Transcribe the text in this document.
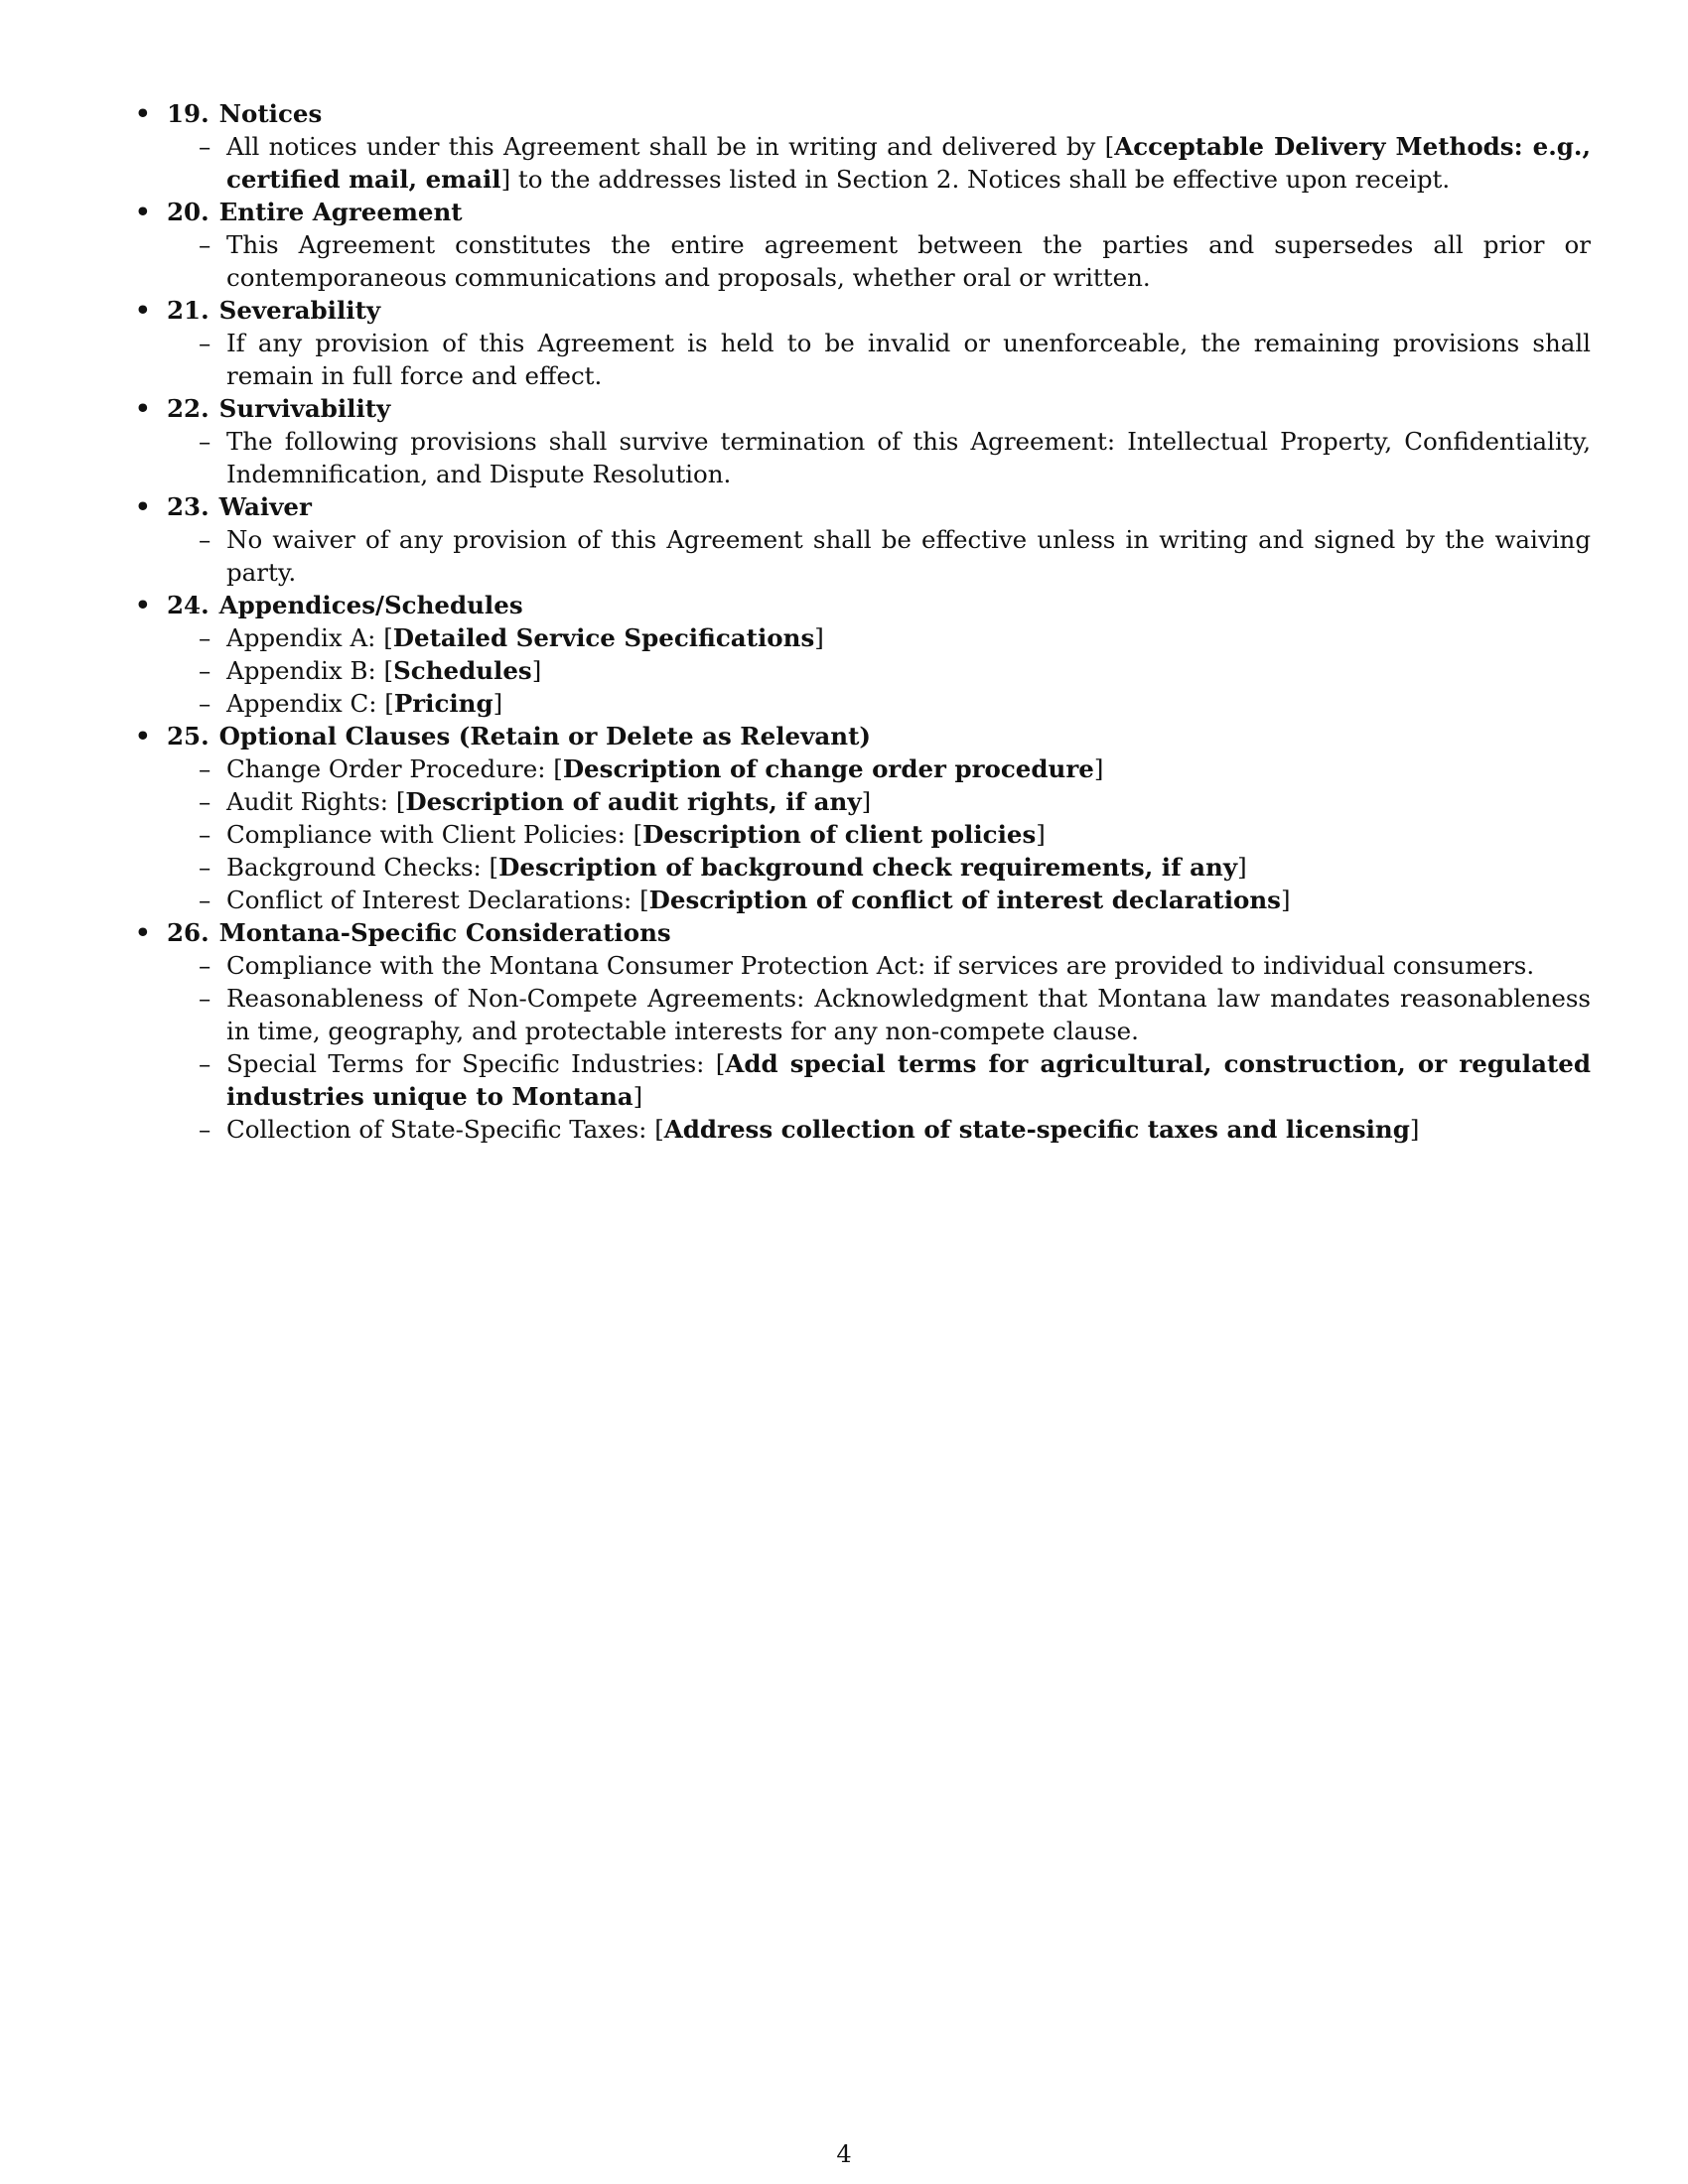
• 19. Notices
– All notices under this Agreement shall be in writing and delivered by [Acceptable Delivery Methods: e.g., certified mail, email] to the addresses listed in Section 2. Notices shall be effective upon receipt.
• 20. Entire Agreement
– This Agreement constitutes the entire agreement between the parties and supersedes all prior or contemporaneous communications and proposals, whether oral or written.
• 21. Severability
– If any provision of this Agreement is held to be invalid or unenforceable, the remaining provisions shall remain in full force and effect.
• 22. Survivability
– The following provisions shall survive termination of this Agreement: Intellectual Property, Confidentiality, Indemnification, and Dispute Resolution.
• 23. Waiver
– No waiver of any provision of this Agreement shall be effective unless in writing and signed by the waiving party.
• 24. Appendices/Schedules
– Appendix A: [Detailed Service Specifications]
– Appendix B: [Schedules]
– Appendix C: [Pricing]
• 25. Optional Clauses (Retain or Delete as Relevant)
– Change Order Procedure: [Description of change order procedure]
– Audit Rights: [Description of audit rights, if any]
– Compliance with Client Policies: [Description of client policies]
– Background Checks: [Description of background check requirements, if any]
– Conflict of Interest Declarations: [Description of conflict of interest declarations]
• 26. Montana-Specific Considerations
– Compliance with the Montana Consumer Protection Act: if services are provided to individual consumers.
– Reasonableness of Non-Compete Agreements: Acknowledgment that Montana law mandates reasonableness in time, geography, and protectable interests for any non-compete clause.
– Special Terms for Specific Industries: [Add special terms for agricultural, construction, or regulated industries unique to Montana]
– Collection of State-Specific Taxes: [Address collection of state-specific taxes and licensing]
4
